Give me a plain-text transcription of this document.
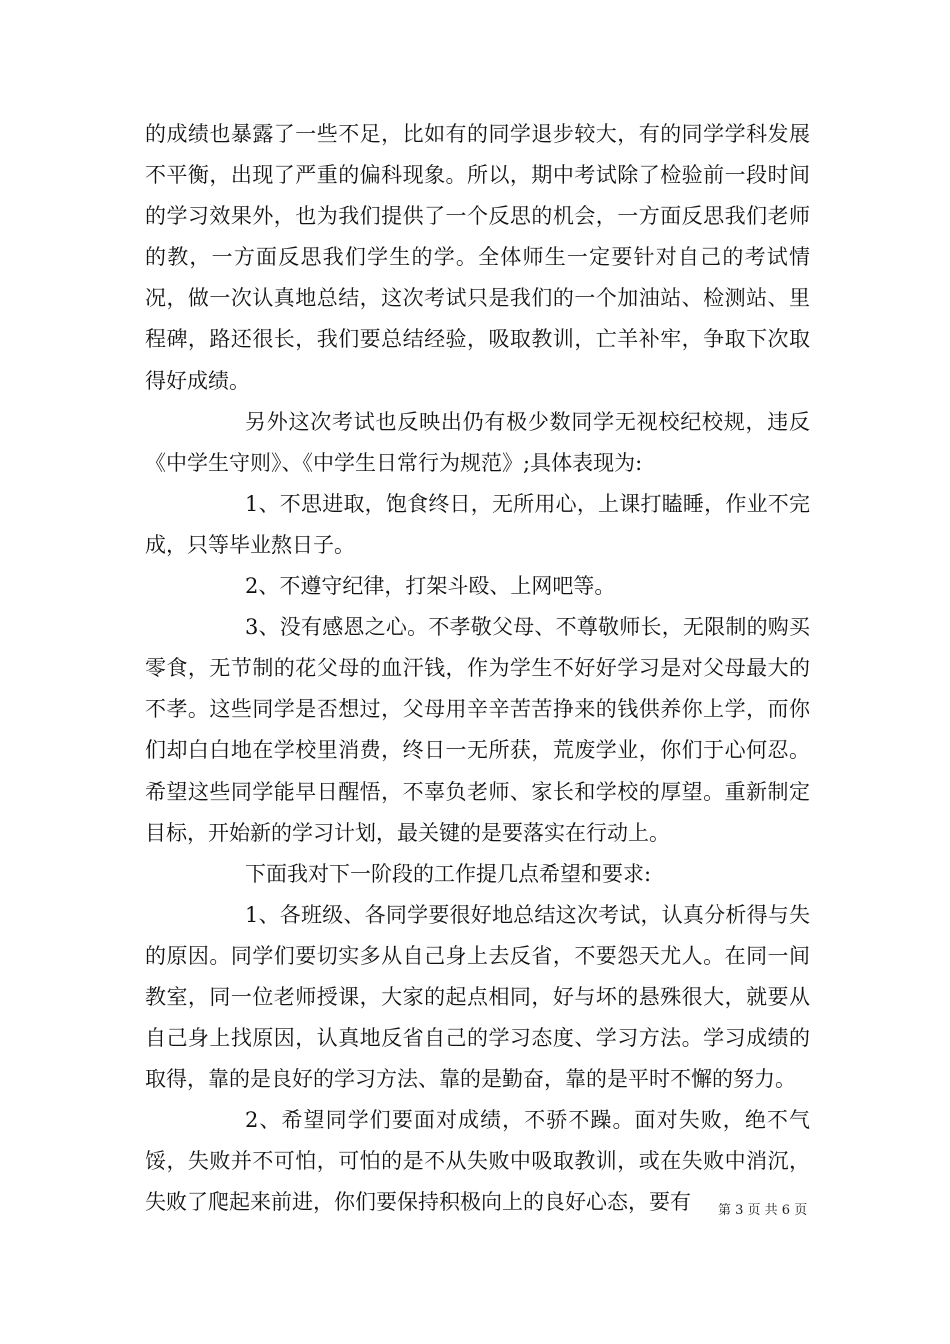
的成绩也暴露了一些不足，比如有的同学退步较大，有的同学学科发展不平衡，出现了严重的偏科现象。所以，期中考试除了检验前一段时间的学习效果外，也为我们提供了一个反思的机会，一方面反思我们老师的教，一方面反思我们学生的学。全体师生一定要针对自己的考试情况，做一次认真地总结，这次考试只是我们的一个加油站、检测站、里程碑，路还很长，我们要总结经验，吸取教训，亡羊补牢，争取下次取得好成绩。

另外这次考试也反映出仍有极少数同学无视校纪校规，违反《中学生守则》、《中学生日常行为规范》;具体表现为:

1、不思进取，饱食终日，无所用心，上课打瞌睡，作业不完成，只等毕业熬日子。

2、不遵守纪律，打架斗殴、上网吧等。

3、没有感恩之心。不孝敬父母、不尊敬师长，无限制的购买零食，无节制的花父母的血汗钱，作为学生不好好学习是对父母最大的不孝。这些同学是否想过，父母用辛辛苦苦挣来的钱供养你上学，而你们却白白地在学校里消费，终日一无所获，荒废学业，你们于心何忍。希望这些同学能早日醒悟，不辜负老师、家长和学校的厚望。重新制定目标，开始新的学习计划，最关键的是要落实在行动上。

下面我对下一阶段的工作提几点希望和要求:

1、各班级、各同学要很好地总结这次考试，认真分析得与失的原因。同学们要切实多从自己身上去反省，不要怨天尤人。在同一间教室，同一位老师授课，大家的起点相同，好与坏的悬殊很大，就要从自己身上找原因，认真地反省自己的学习态度、学习方法。学习成绩的取得，靠的是良好的学习方法、靠的是勤奋，靠的是平时不懈的努力。

2、希望同学们要面对成绩，不骄不躁。面对失败，绝不气馁，失败并不可怕，可怕的是不从失败中吸取教训，或在失败中消沉，失败了爬起来前进，你们要保持积极向上的良好心态，要有	第 3 页 共 6 页
